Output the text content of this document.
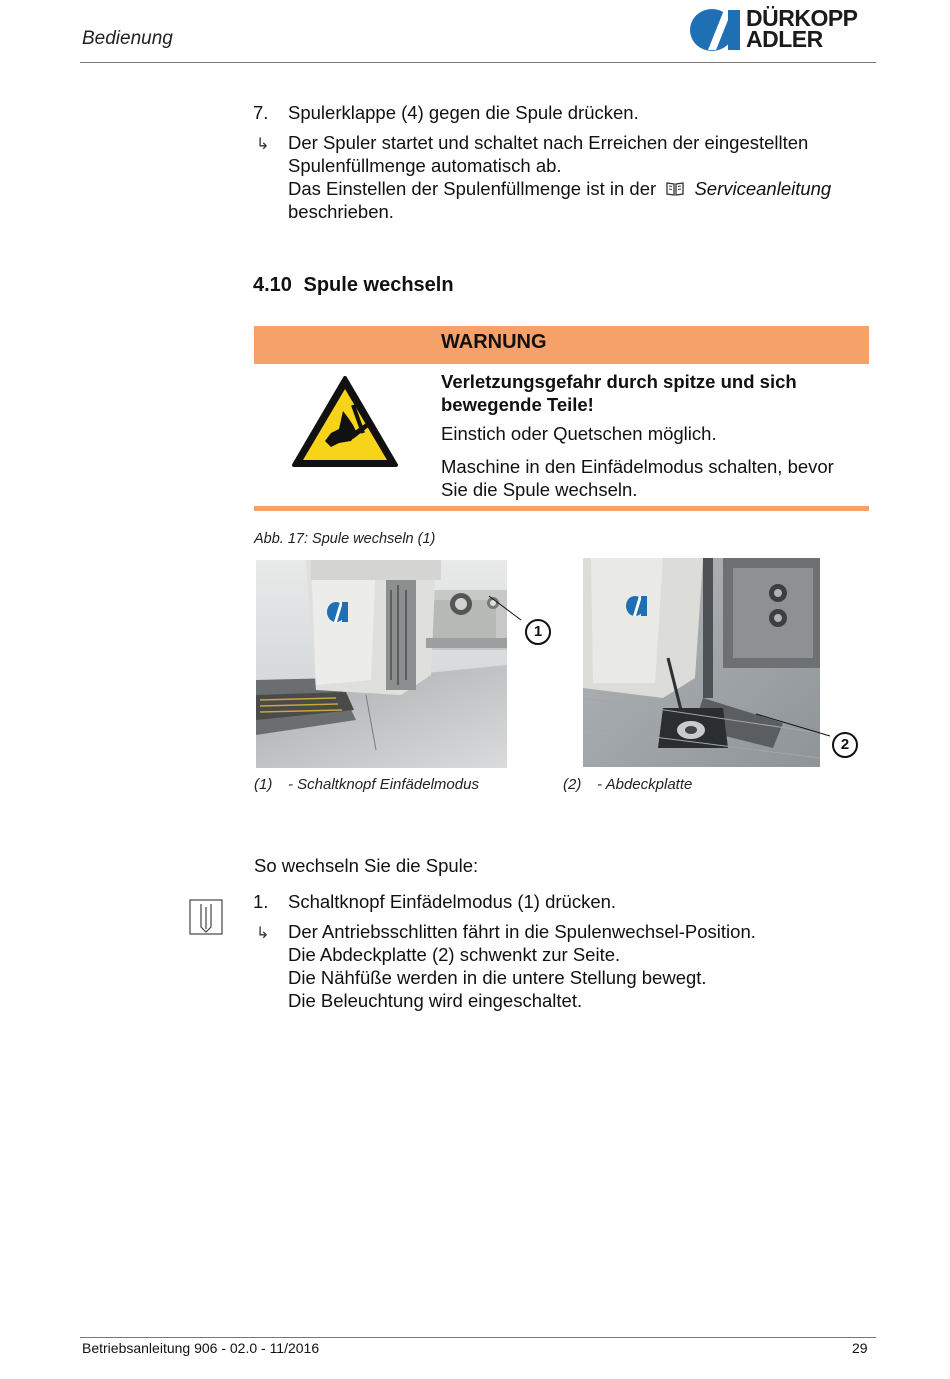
Bedienung
DÜRKOPP
ADLER
7. Spulerklappe (4) gegen die Spule drücken.
↳ Der Spuler startet und schaltet nach Erreichen der eingestellten
Spulenfüllmenge automatisch ab.
Das Einstellen der Spulenfüllmenge ist in der Serviceanleitung
beschrieben.
4.10 Spule wechseln
WARNUNG
Verletzungsgefahr durch spitze und sich
bewegende Teile!
Einstich oder Quetschen möglich.
Maschine in den Einfädelmodus schalten, bevor
Sie die Spule wechseln.
Abb. 17: Spule wechseln (1)
1
2
(1) - Schaltknopf Einfädelmodus	(2) - Abdeckplatte
So wechseln Sie die Spule:
1. Schaltknopf Einfädelmodus (1) drücken.
↳ Der Antriebsschlitten fährt in die Spulenwechsel-Position.
Die Abdeckplatte (2) schwenkt zur Seite.
Die Nähfüße werden in die untere Stellung bewegt.
Die Beleuchtung wird eingeschaltet.
Betriebsanleitung 906 - 02.0 - 11/2016	29
